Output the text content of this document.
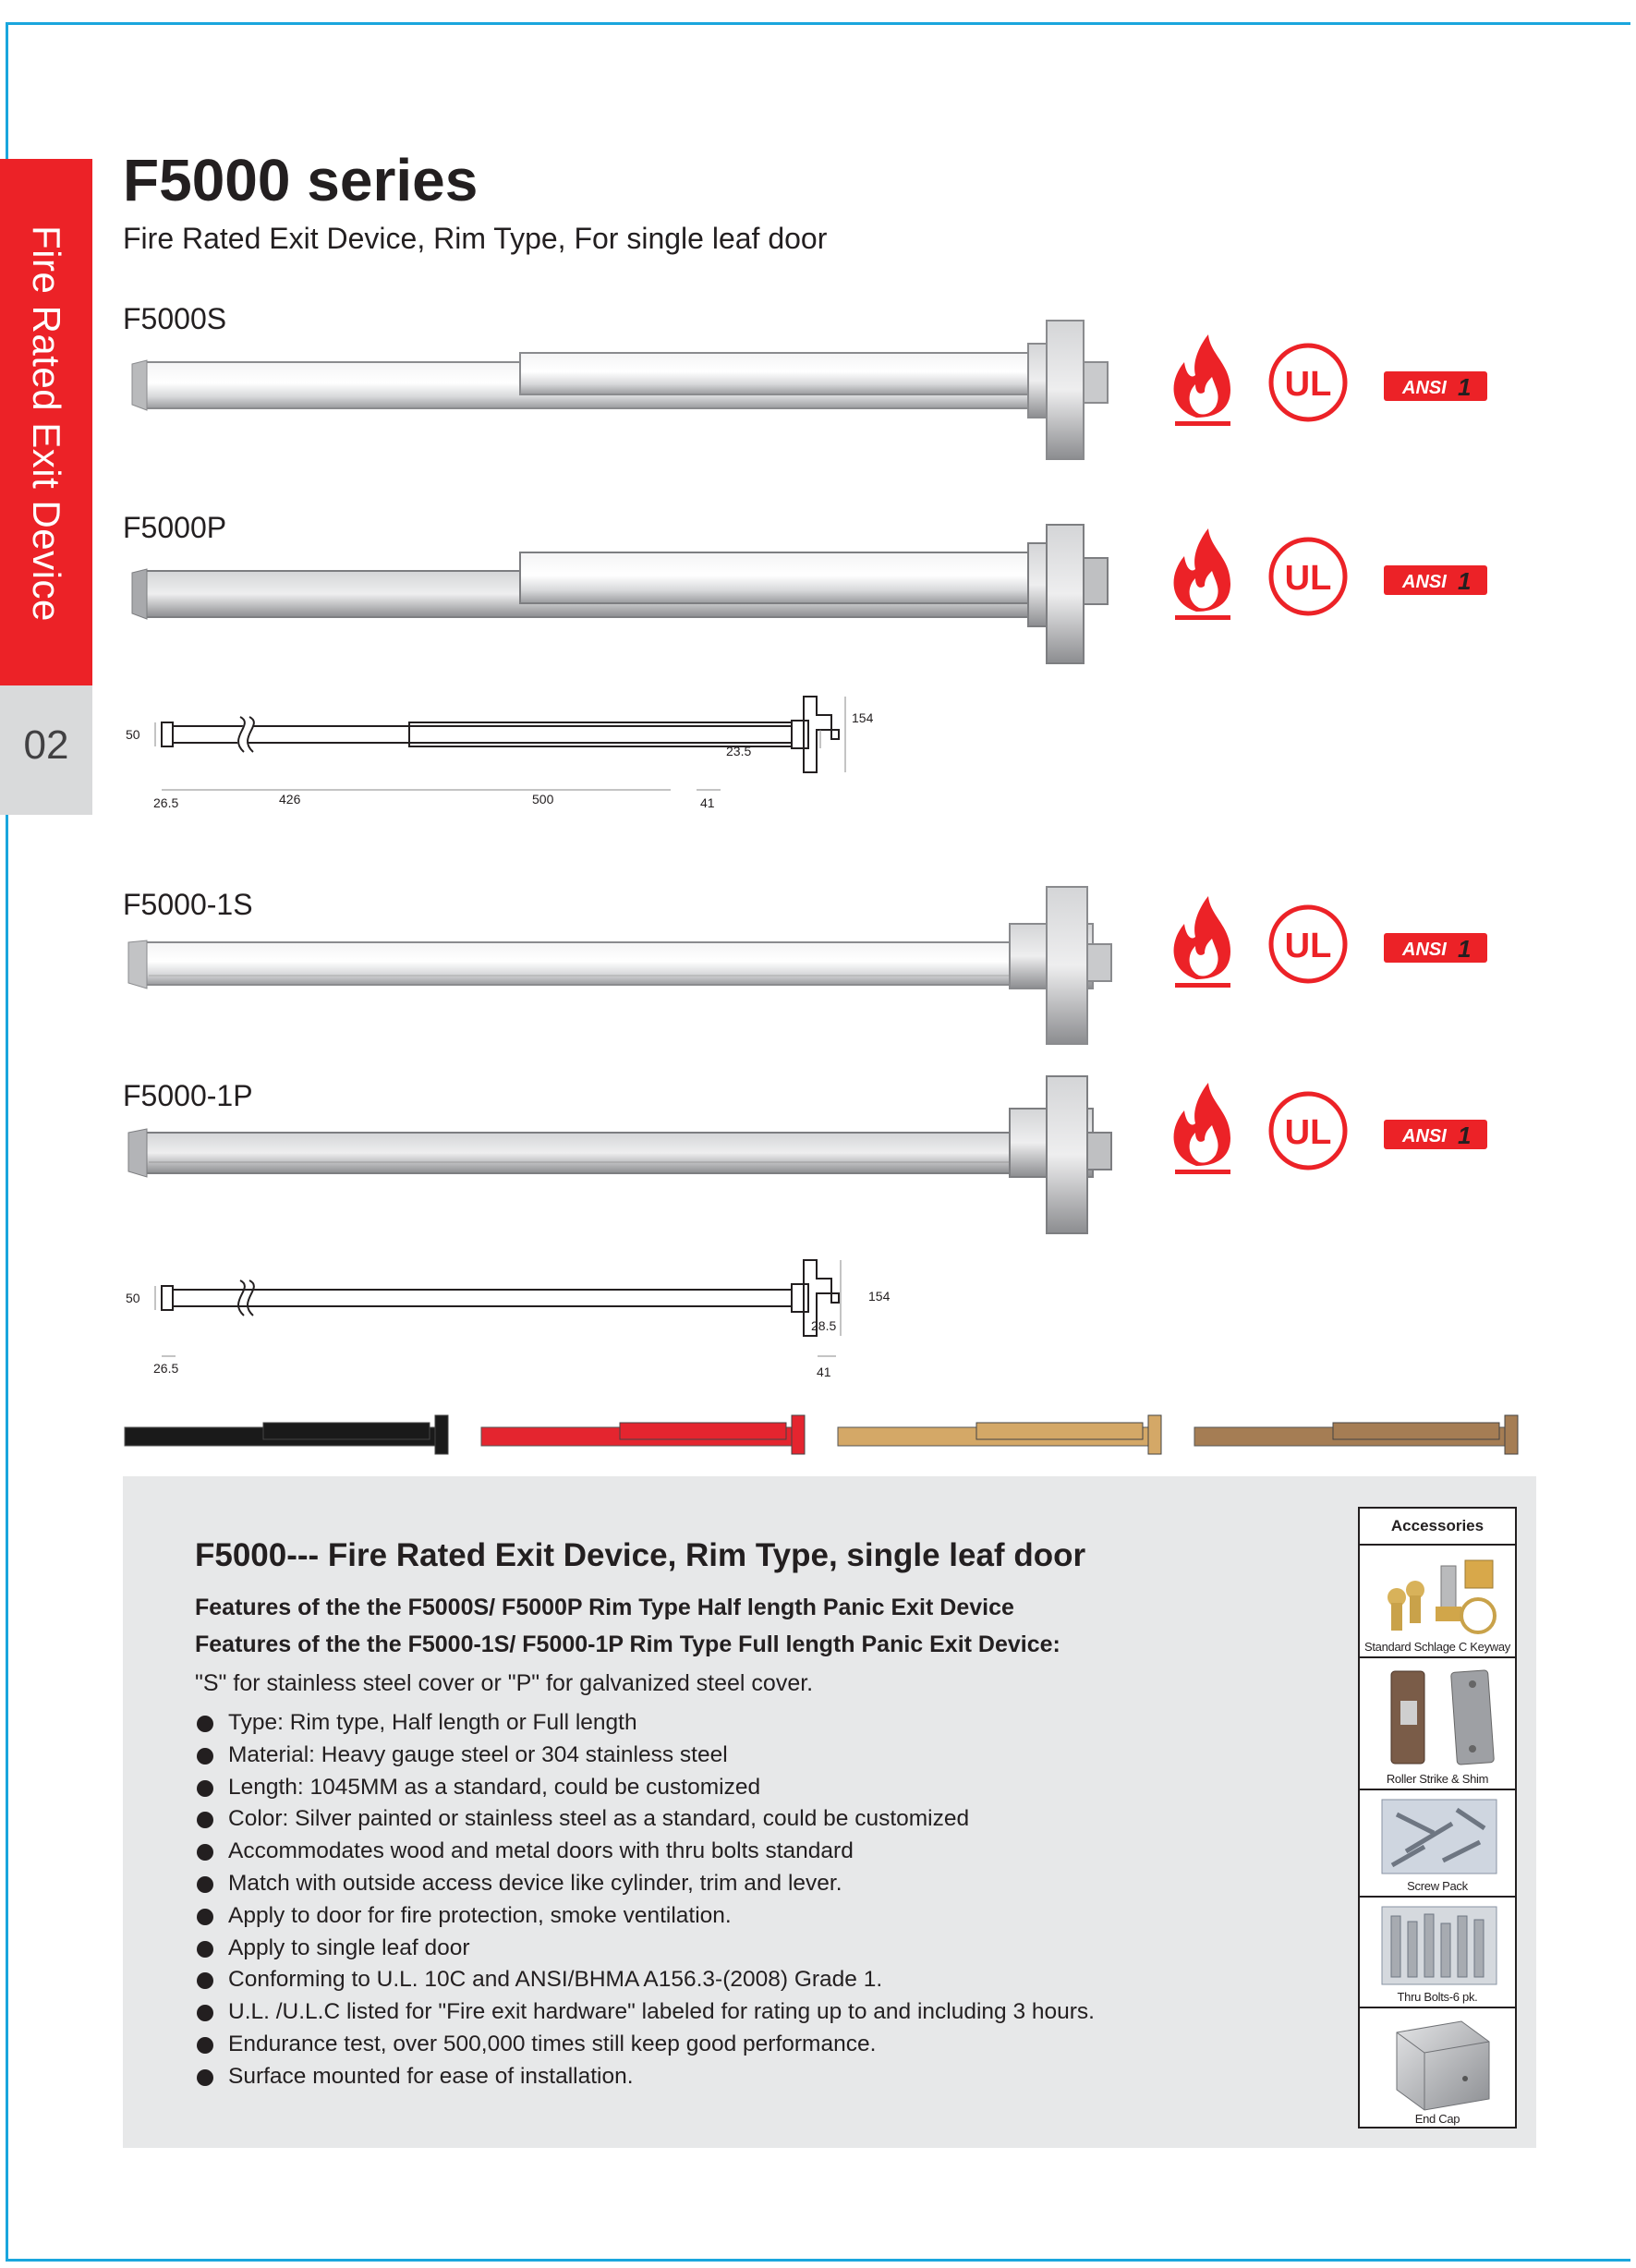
Fire Rated Exit Device
02
F5000 series

Fire Rated Exit Device, Rim Type, For single leaf door

F5000S
UL	ANSI 1
F5000P
UL	ANSI 1
50
154
23.5
26.5	426	500	41
F5000-1S
UL	ANSI 1
F5000-1P
UL	ANSI 1
50	154
28.5
26.5	41
F5000--- Fire Rated Exit Device, Rim Type, single leaf door
Features of the the F5000S/ F5000P Rim Type Half length Panic Exit Device
Features of the the F5000-1S/ F5000-1P Rim Type Full length Panic Exit Device:
"S" for stainless steel cover or "P" for galvanized steel cover.
Type: Rim type, Half length or Full length
Material: Heavy gauge steel or 304 stainless steel
Length: 1045MM as a standard, could be customized
Color: Silver painted or stainless steel as a standard, could be customized
Accommodates wood and metal doors with thru bolts standard
Match with outside access device like cylinder, trim and lever.
Apply to door for fire protection, smoke ventilation.
Apply to single leaf door
Conforming to U.L. 10C and ANSI/BHMA A156.3-(2008) Grade 1.
U.L. /U.L.C listed for "Fire exit hardware" labeled for rating up to and including 3 hours.
Endurance test, over 500,000 times still keep good performance.
Surface mounted for ease of installation.
Accessories
Standard Schlage C Keyway
Roller Strike & Shim
Screw Pack
Thru Bolts-6 pk.
End Cap
